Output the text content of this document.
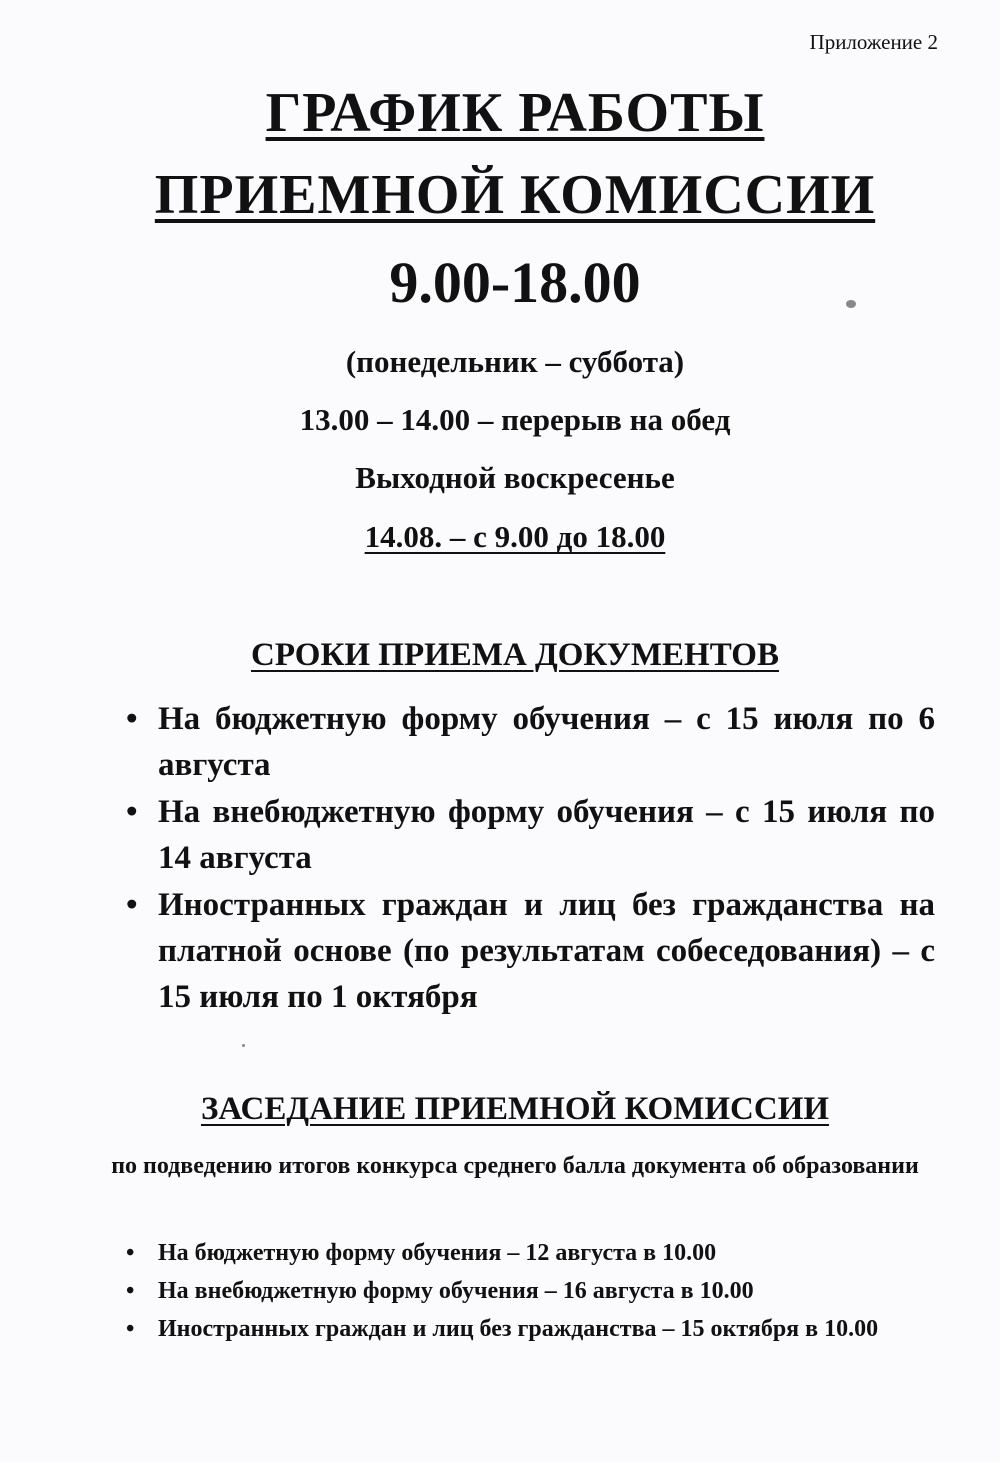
Приложение 2
ГРАФИК РАБОТЫ
ПРИЕМНОЙ КОМИССИИ
9.00-18.00
(понедельник – суббота)
13.00 – 14.00 – перерыв на обед
Выходной воскресенье
14.08. – с 9.00 до 18.00
СРОКИ ПРИЕМА ДОКУМЕНТОВ
• На бюджетную форму обучения – с 15 июля по 6 августа
• На внебюджетную форму обучения – с 15 июля по 14 августа
• Иностранных граждан и лиц без гражданства на платной основе (по результатам собеседования) – с 15 июля по 1 октября
ЗАСЕДАНИЕ ПРИЕМНОЙ КОМИССИИ
по подведению итогов конкурса среднего балла документа об образовании
• На бюджетную форму обучения – 12 августа в 10.00
• На внебюджетную форму обучения – 16 августа в 10.00
• Иностранных граждан и лиц без гражданства – 15 октября в 10.00
